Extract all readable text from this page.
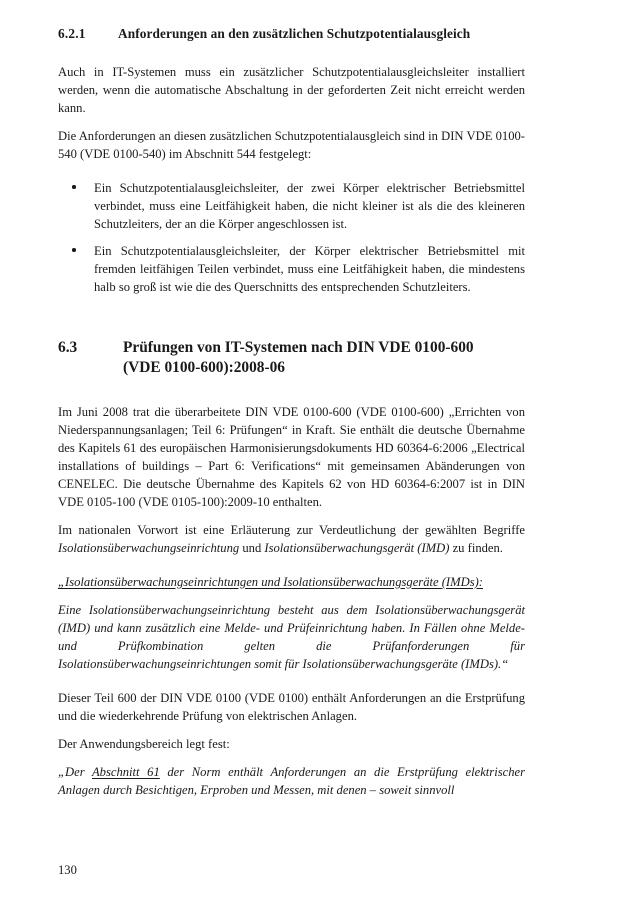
6.2.1	Anforderungen an den zusätzlichen Schutzpotentialausgleich

Auch in IT-Systemen muss ein zusätzlicher Schutzpotentialausgleichsleiter installiert werden, wenn die automatische Abschaltung in der geforderten Zeit nicht erreicht werden kann.

Die Anforderungen an diesen zusätzlichen Schutzpotentialausgleich sind in DIN VDE 0100-540 (VDE 0100-540) im Abschnitt 544 festgelegt:

Ein Schutzpotentialausgleichsleiter, der zwei Körper elektrischer Betriebsmittel verbindet, muss eine Leitfähigkeit haben, die nicht kleiner ist als die des kleineren Schutzleiters, der an die Körper angeschlossen ist.
Ein Schutzpotentialausgleichsleiter, der Körper elektrischer Betriebsmittel mit fremden leitfähigen Teilen verbindet, muss eine Leitfähigkeit haben, die mindestens halb so groß ist wie die des Querschnitts des entsprechenden Schutzleiters.
6.3	Prüfungen von IT-Systemen nach DIN VDE 0100-600
(VDE 0100-600):2008-06

Im Juni 2008 trat die überarbeitete DIN VDE 0100-600 (VDE 0100-600) „Errichten von Niederspannungsanlagen; Teil 6: Prüfungen“ in Kraft. Sie enthält die deutsche Übernahme des Kapitels 61 des europäischen Harmonisierungsdokuments HD 60364-6:2006 „Electrical installations of buildings – Part 6: Verifications“ mit gemeinsamen Abänderungen von CENELEC. Die deutsche Übernahme des Kapitels 62 von HD 60364-6:2007 ist in DIN VDE 0105-100 (VDE 0105-100):2009-10 enthalten.

Im nationalen Vorwort ist eine Erläuterung zur Verdeutlichung der gewählten Begriffe Isolationsüberwachungseinrichtung und Isolationsüberwachungsgerät (IMD) zu finden.

„Isolationsüberwachungseinrichtungen und Isolationsüberwachungsgeräte (IMDs):

Eine Isolationsüberwachungseinrichtung besteht aus dem Isolationsüberwachungsgerät (IMD) und kann zusätzlich eine Melde- und Prüfeinrichtung haben. In Fällen ohne Melde- und Prüfkombination gelten die Prüfanforderungen für Isolationsüberwachungseinrichtungen somit für Isolationsüberwachungsgeräte (IMDs).“

Dieser Teil 600 der DIN VDE 0100 (VDE 0100) enthält Anforderungen an die Erstprüfung und die wiederkehrende Prüfung von elektrischen Anlagen.

Der Anwendungsbereich legt fest:

„Der Abschnitt 61 der Norm enthält Anforderungen an die Erstprüfung elektrischer Anlagen durch Besichtigen, Erproben und Messen, mit denen – soweit sinnvoll

130
